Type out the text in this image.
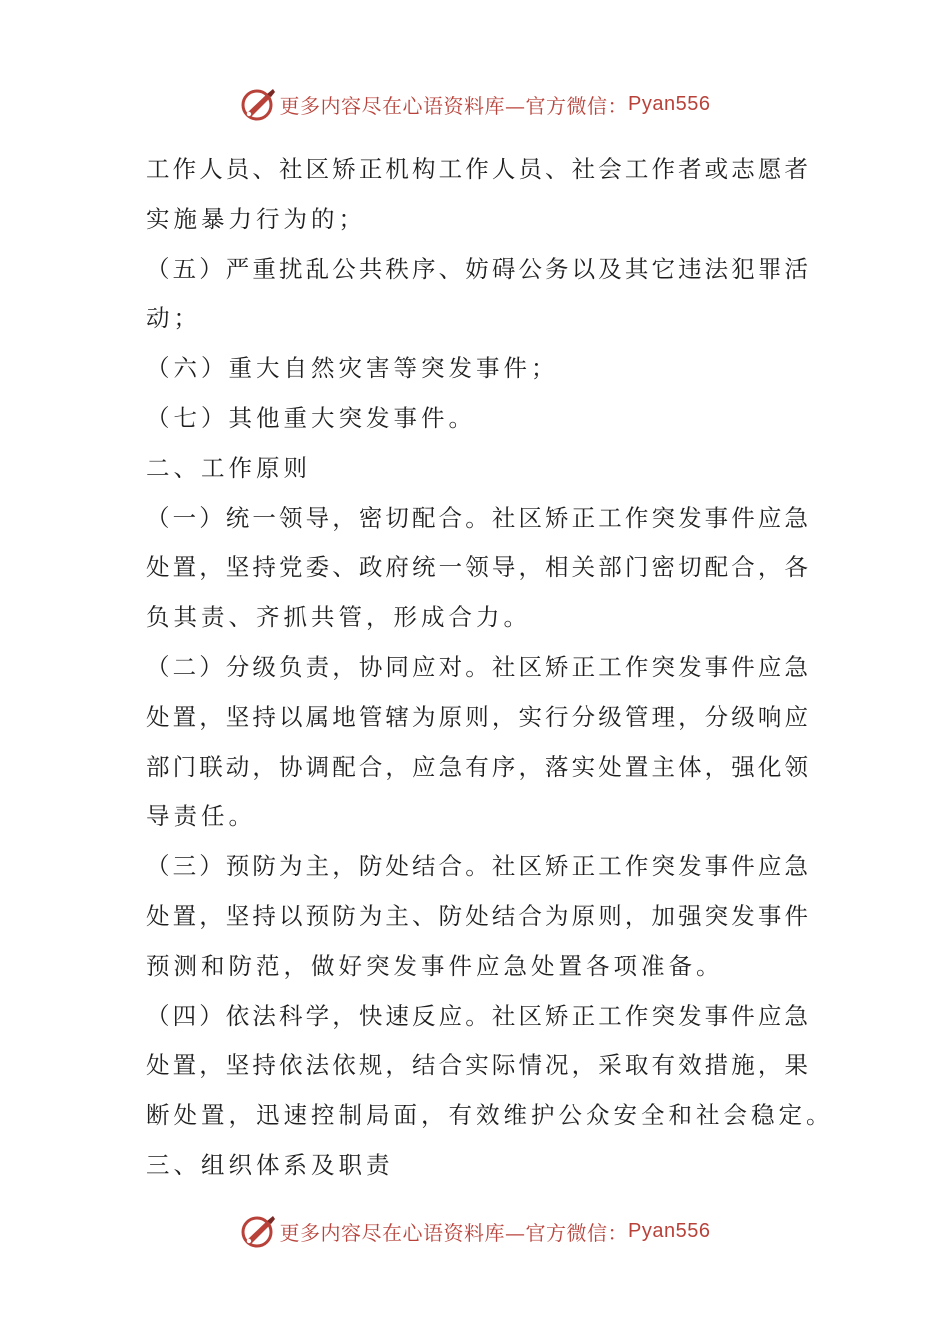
更多内容尽在心语资料库—官方微信： Pyan556
工作人员、社区矫正机构工作人员、社会工作者或志愿者
实施暴力行为的；
（五）严重扰乱公共秩序、妨碍公务以及其它违法犯罪活
动；
（六）重大自然灾害等突发事件；
（七）其他重大突发事件。
二、工作原则
（一）统一领导，密切配合。社区矫正工作突发事件应急
处置，坚持党委、政府统一领导，相关部门密切配合，各
负其责、齐抓共管，形成合力。
（二）分级负责，协同应对。社区矫正工作突发事件应急
处置，坚持以属地管辖为原则，实行分级管理，分级响应
部门联动，协调配合，应急有序，落实处置主体，强化领
导责任。
（三）预防为主，防处结合。社区矫正工作突发事件应急
处置，坚持以预防为主、防处结合为原则，加强突发事件
预测和防范，做好突发事件应急处置各项准备。
（四）依法科学，快速反应。社区矫正工作突发事件应急
处置，坚持依法依规，结合实际情况，采取有效措施，果
断处置，迅速控制局面，有效维护公众安全和社会稳定。
三、组织体系及职责
更多内容尽在心语资料库—官方微信： Pyan556
